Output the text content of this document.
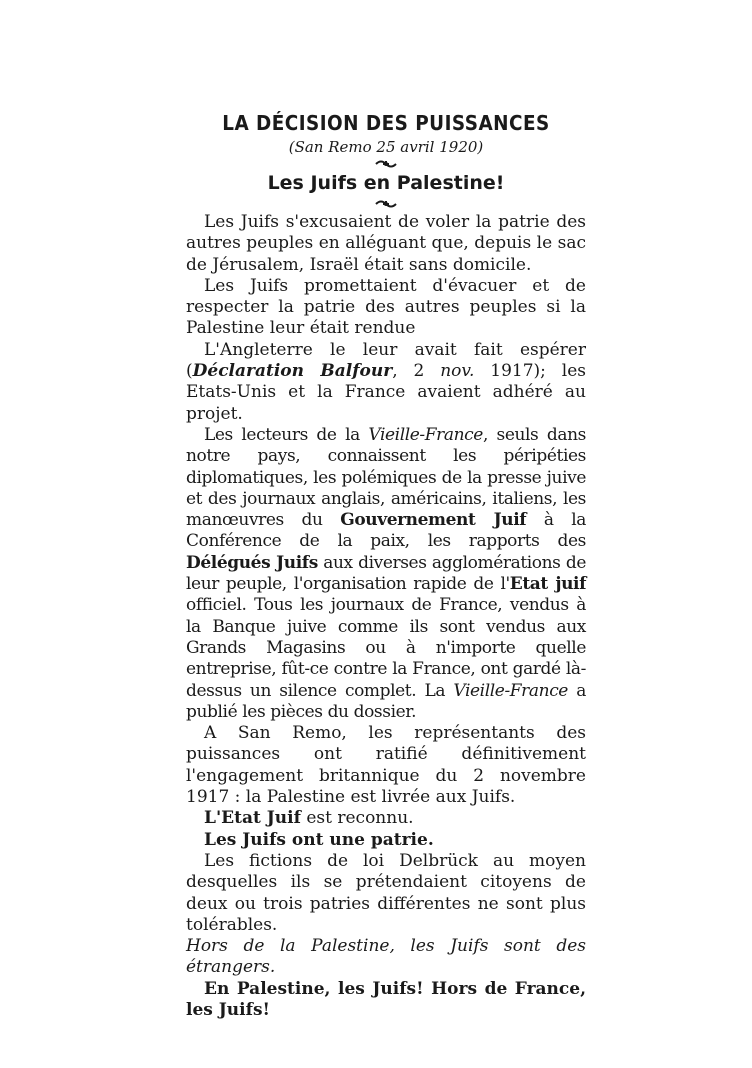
LA DÉCISION DES PUISSANCES

(San Remo 25 avril 1920)

Les Juifs en Palestine!

Les Juifs s'excusaient de voler la patrie des autres peuples en alléguant que, depuis le sac de Jérusalem, Israël était sans domicile.

Les Juifs promettaient d'évacuer et de respecter la patrie des autres peuples si la Palestine leur était rendue

L'Angleterre le leur avait fait espérer (Déclaration Balfour, 2 nov. 1917); les Etats-Unis et la France avaient adhéré au projet.

Les lecteurs de la Vieille-France, seuls dans notre pays, connaissent les péripéties diplomatiques, les polémiques de la presse juive et des journaux anglais, américains, italiens, les manœuvres du Gouvernement Juif à la Conférence de la paix, les rapports des Délégués Juifs aux diverses agglomérations de leur peuple, l'organisation rapide de l'Etat juif officiel. Tous les journaux de France, vendus à la Banque juive comme ils sont vendus aux Grands Magasins ou à n'importe quelle entreprise, fût-ce contre la France, ont gardé là-dessus un silence complet. La Vieille-France a publié les pièces du dossier.

A San Remo, les représentants des puissances ont ratifié définitivement l'engagement britannique du 2 novembre 1917 : la Palestine est livrée aux Juifs.

L'Etat Juif est reconnu.

Les Juifs ont une patrie.

Les fictions de loi Delbrück au moyen desquelles ils se prétendaient citoyens de deux ou trois patries différentes ne sont plus tolérables.

Hors de la Palestine, les Juifs sont des étrangers.

En Palestine, les Juifs! Hors de France, les Juifs!
